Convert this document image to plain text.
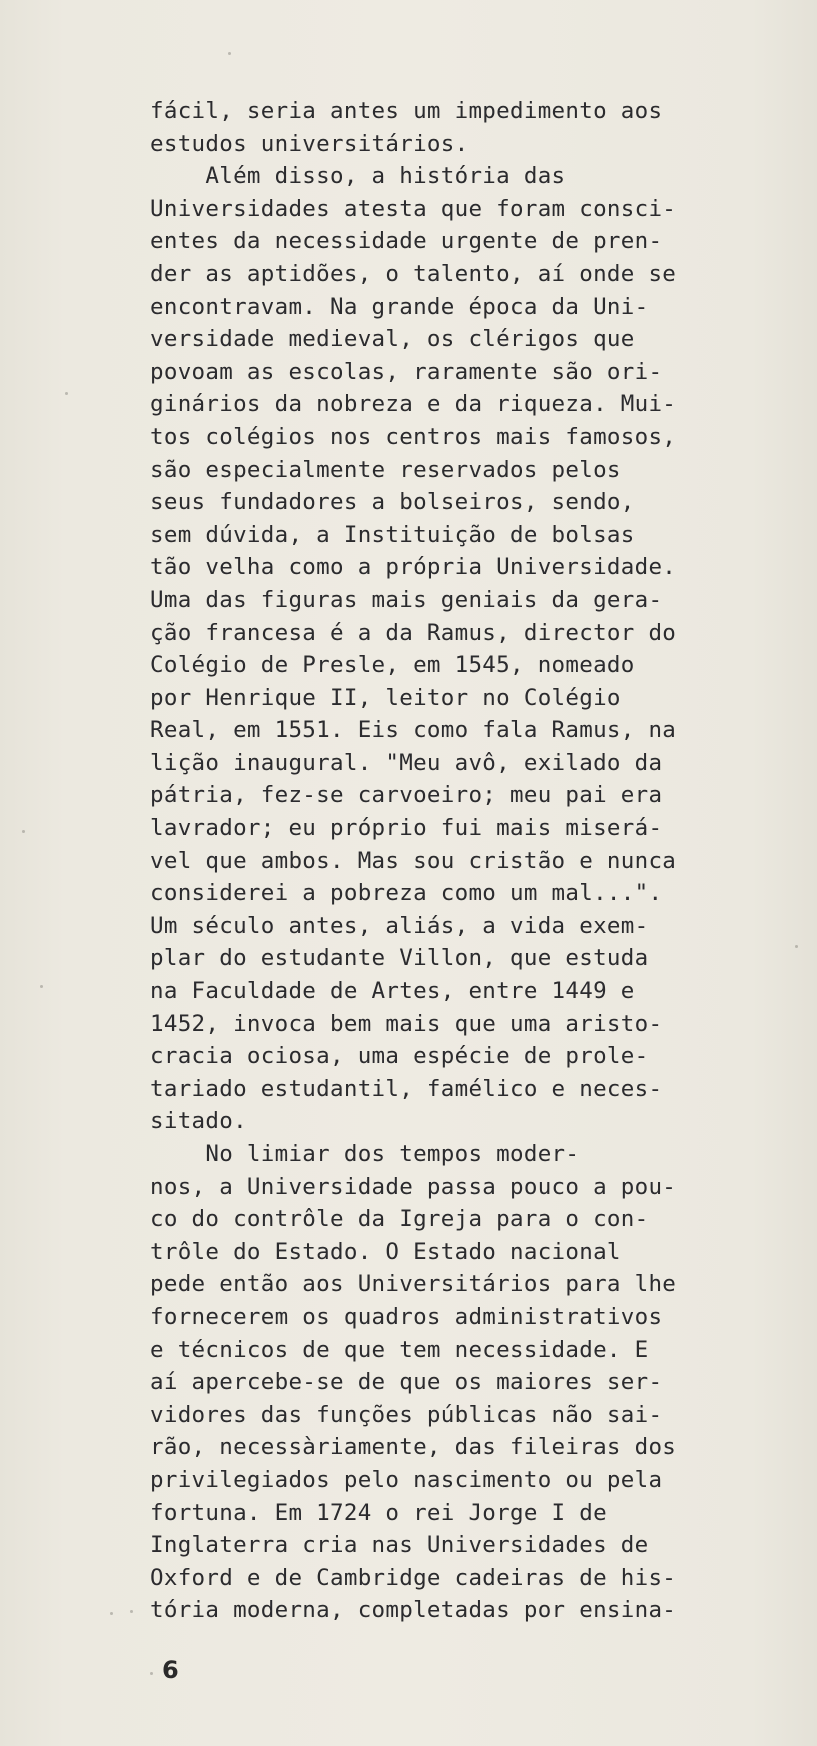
fácil, seria antes um impedimento aos
estudos universitários.
Além disso, a história das
Universidades atesta que foram consci-
entes da necessidade urgente de pren-
der as aptidões, o talento, aí onde se
encontravam. Na grande época da Uni-
versidade medieval, os clérigos que
povoam as escolas, raramente são ori-
ginários da nobreza e da riqueza. Mui-
tos colégios nos centros mais famosos,
são especialmente reservados pelos
seus fundadores a bolseiros, sendo,
sem dúvida, a Instituição de bolsas
tão velha como a própria Universidade.
Uma das figuras mais geniais da gera-
ção francesa é a da Ramus, director do
Colégio de Presle, em 1545, nomeado
por Henrique II, leitor no Colégio
Real, em 1551. Eis como fala Ramus, na
lição inaugural. "Meu avô, exilado da
pátria, fez-se carvoeiro; meu pai era
lavrador; eu próprio fui mais miserá-
vel que ambos. Mas sou cristão e nunca
considerei a pobreza como um mal...".
Um século antes, aliás, a vida exem-
plar do estudante Villon, que estuda
na Faculdade de Artes, entre 1449 e
1452, invoca bem mais que uma aristo-
cracia ociosa, uma espécie de prole-
tariado estudantil, famélico e neces-
sitado.
No limiar dos tempos moder-
nos, a Universidade passa pouco a pou-
co do contrôle da Igreja para o con-
trôle do Estado. O Estado nacional
pede então aos Universitários para lhe
fornecerem os quadros administrativos
e técnicos de que tem necessidade. E
aí apercebe-se de que os maiores ser-
vidores das funções públicas não sai-
rão, necessàriamente, das fileiras dos
privilegiados pelo nascimento ou pela
fortuna. Em 1724 o rei Jorge I de
Inglaterra cria nas Universidades de
Oxford e de Cambridge cadeiras de his-
tória moderna, completadas por ensina-
6
